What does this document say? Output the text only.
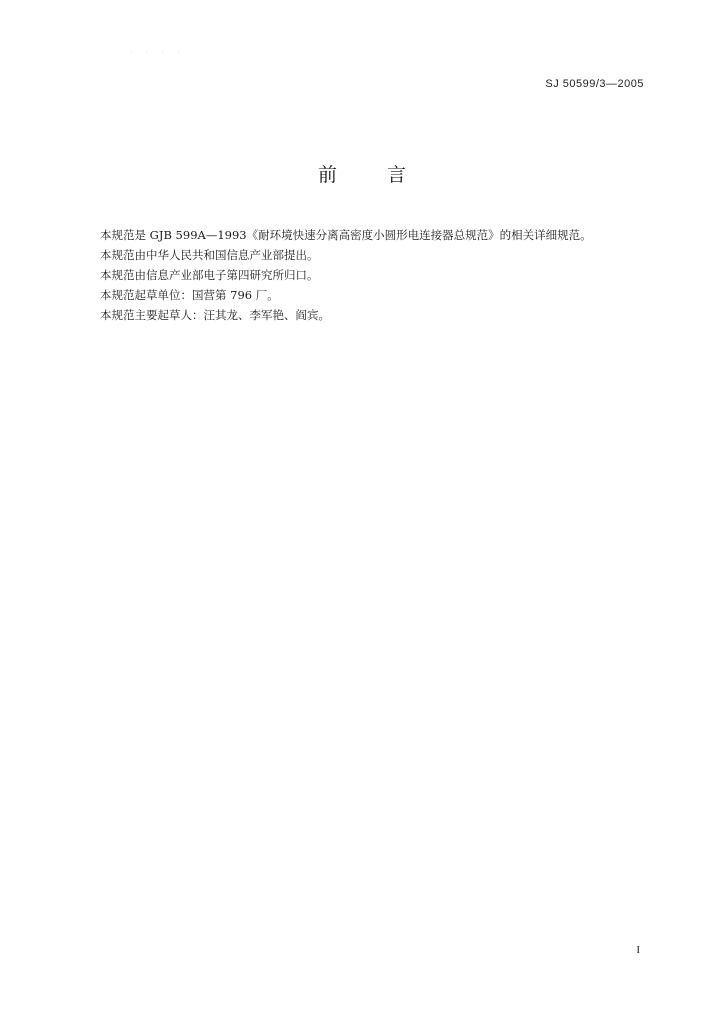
· · · ·
SJ 50599/3—2005
前言

本规范是 GJB 599A—1993《耐环境快速分离高密度小圆形电连接器总规范》的相关详细规范。

本规范由中华人民共和国信息产业部提出。

本规范由信息产业部电子第四研究所归口。

本规范起草单位：国营第 796 厂。

本规范主要起草人：汪其龙、李军艳、阎宾。

I
